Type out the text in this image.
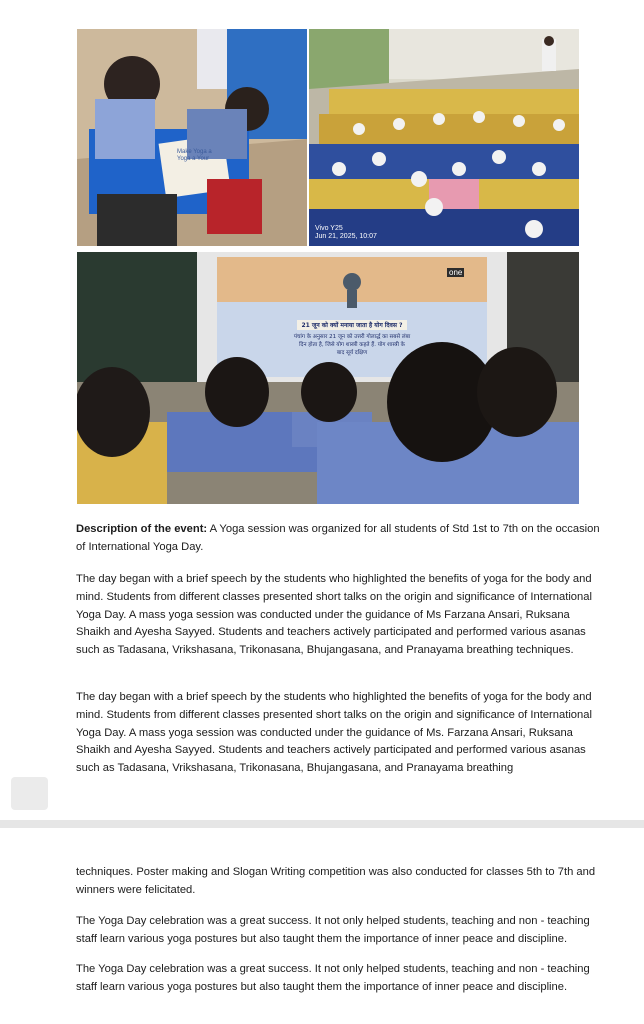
Make Yoga a Yoga a Your
Vivo Y25
Jun 21, 2025, 10:07
21 जून को क्यों मनाया जाता है योग दिवस ?
पंचांग के अनुसार 21 जून को उत्तरी गोलार्द्ध का सबसे लंबा
दिन होता है, जिसे योग शास्त्री कहते हैं. योग शास्त्री के
बाद सूर्य दक्षिण
one

Description of the event: A Yoga session was organized for all students of Std 1st to 7th on the occasion of International Yoga Day.

The day began with a brief speech by the students who highlighted the benefits of yoga for the body and mind. Students from different classes presented short talks on the origin and significance of International Yoga Day. A mass yoga session was conducted under the guidance of Ms Farzana Ansari, Ruksana Shaikh and Ayesha Sayyed. Students and teachers actively participated and performed various asanas such as Tadasana, Vrikshasana, Trikonasana, Bhujangasana, and Pranayama breathing techniques.

The day began with a brief speech by the students who highlighted the benefits of yoga for the body and mind. Students from different classes presented short talks on the origin and significance of International Yoga Day. A mass yoga session was conducted under the guidance of Ms. Farzana Ansari, Ruksana Shaikh and Ayesha Sayyed. Students and teachers actively participated and performed various asanas such as Tadasana, Vrikshasana, Trikonasana, Bhujangasana, and Pranayama breathing

techniques. Poster making and Slogan Writing competition was also conducted for classes 5th to 7th and winners were felicitated.

The Yoga Day celebration was a great success. It not only helped students, teaching and non - teaching staff learn various yoga postures but also taught them the importance of inner peace and discipline.

The Yoga Day celebration was a great success. It not only helped students, teaching and non - teaching staff learn various yoga postures but also taught them the importance of inner peace and discipline.
